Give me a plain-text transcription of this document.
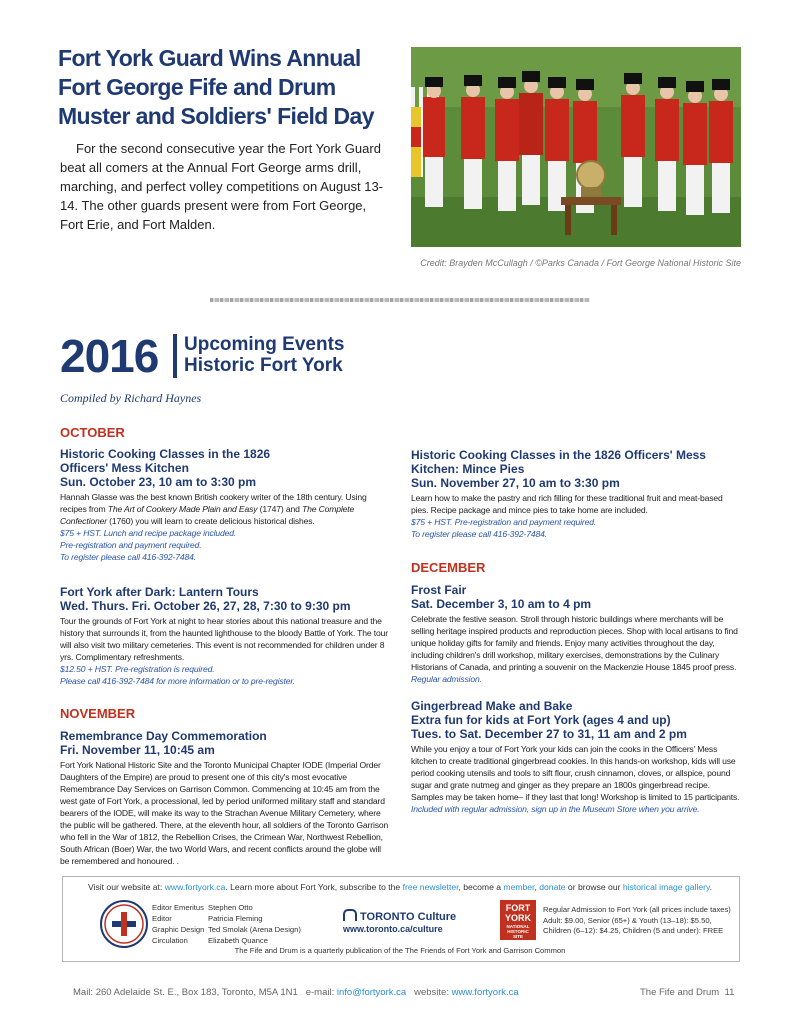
Fort York Guard Wins Annual Fort George Fife and Drum Muster and Soldiers' Field Day
For the second consecutive year the Fort York Guard beat all comers at the Annual Fort George arms drill, marching, and perfect volley competitions on August 13-14. The other guards present were from Fort George, Fort Erie, and Fort Malden.
Credit: Brayden McCullagh / ©Parks Canada / Fort George National Historic Site
2016 Upcoming Events
Historic Fort York
Compiled by Richard Haynes
OCTOBER
Historic Cooking Classes in the 1826 Officers' Mess Kitchen
Sun. October 23, 10 am to 3:30 pm
Hannah Glasse was the best known British cookery writer of the 18th century. Using recipes from The Art of Cookery Made Plain and Easy (1747) and The Complete Confectioner (1760) you will learn to create delicious historical dishes.
$75 + HST. Lunch and recipe package included.
Pre-registration and payment required.
To register please call 416-392-7484.
Fort York after Dark: Lantern Tours
Wed. Thurs. Fri. October 26, 27, 28, 7:30 to 9:30 pm
Tour the grounds of Fort York at night to hear stories about this national treasure and the history that surrounds it, from the haunted lighthouse to the bloody Battle of York. The tour will also visit two military cemeteries. This event is not recommended for children under 8 yrs. Complimentary refreshments.
$12.50 + HST. Pre-registration is required.
Please call 416-392-7484 for more information or to pre-register.
NOVEMBER
Remembrance Day Commemoration
Fri. November 11, 10:45 am
Fort York National Historic Site and the Toronto Municipal Chapter IODE (Imperial Order Daughters of the Empire) are proud to present one of this city's most evocative Remembrance Day Services on Garrison Common. Commencing at 10:45 am from the west gate of Fort York, a processional, led by period uniformed military staff and standard bearers of the IODE, will make its way to the Strachan Avenue Military Cemetery, where the public will be gathered. There, at the eleventh hour, all soldiers of the Toronto Garrison who fell in the War of 1812, the Rebellion Crises, the Crimean War, Northwest Rebellion, South African (Boer) War, the two World Wars, and recent conflicts around the globe will be remembered and honoured. .
Historic Cooking Classes in the 1826 Officers' Mess Kitchen: Mince Pies
Sun. November 27, 10 am to 3:30 pm
Learn how to make the pastry and rich filling for these traditional fruit and meat-based pies. Recipe package and mince pies to take home are included.
$75 + HST. Pre-registration and payment required.
To register please call 416-392-7484.
DECEMBER
Frost Fair
Sat. December 3, 10 am to 4 pm
Celebrate the festive season. Stroll through historic buildings where merchants will be selling heritage inspired products and reproduction pieces. Shop with local artisans to find unique holiday gifts for family and friends. Enjoy many activities throughout the day, including children's drill workshop, military exercises, demonstrations by the Culinary Historians of Canada, and printing a souvenir on the Mackenzie House 1845 proof press.
Regular admission.
Gingerbread Make and Bake
Extra fun for kids at Fort York (ages 4 and up)
Tues. to Sat. December 27 to 31, 11 am and 2 pm
While you enjoy a tour of Fort York your kids can join the cooks in the Officers' Mess kitchen to create traditional gingerbread cookies. In this hands-on workshop, kids will use period cooking utensils and tools to sift flour, crush cinnamon, cloves, or allspice, pound sugar and grate nutmeg and ginger as they prepare an 1800s gingerbread recipe. Samples may be taken home– if they last that long! Workshop is limited to 15 participants.
Included with regular admission, sign up in the Museum Store when you arrive.
Visit our website at: www.fortyork.ca. Learn more about Fort York, subscribe to the free newsletter, become a member, donate or browse our historical image gallery.
Editor Emeritus Stephen Otto
Editor	Patricia Fleming
Graphic Design Ted Smolak (Arena Design)
Circulation	Elizabeth Quance
TORONTO Culture
www.toronto.ca/culture
FORT
YORK
NATIONAL HISTORIC SITE
Regular Admission to Fort York (all prices include taxes)
Adult: $9.00, Senior (65+) & Youth (13–18): $5.50,
Children (6–12): $4.25, Children (5 and under): FREE
The Fife and Drum is a quarterly publication of the The Friends of Fort York and Garrison Common
Mail: 260 Adelaide St. E., Box 183, Toronto, M5A 1N1 e-mail: info@fortyork.ca website: www.fortyork.ca	The Fife and Drum 11
